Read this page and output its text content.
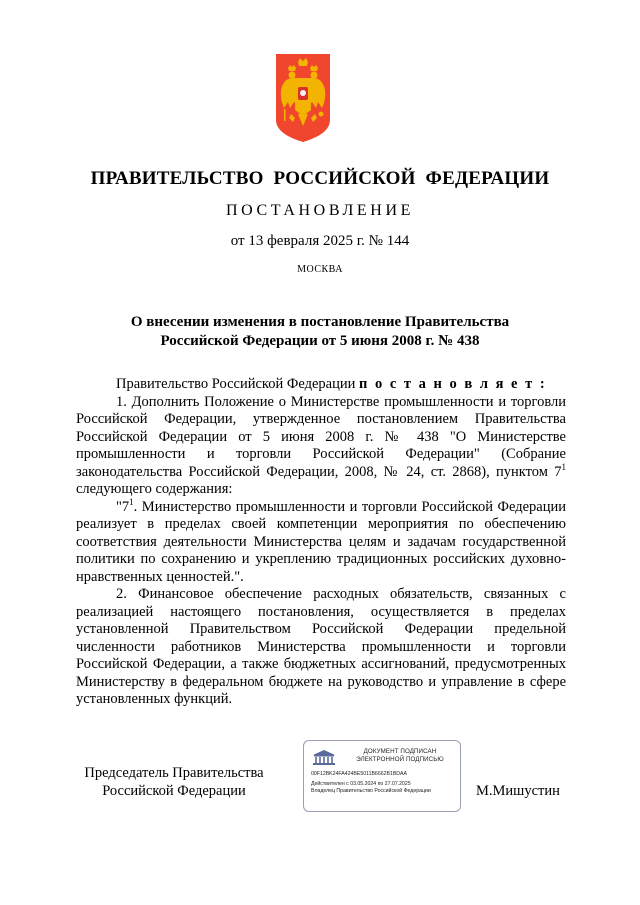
ПРАВИТЕЛЬСТВО РОССИЙСКОЙ ФЕДЕРАЦИИ
ПОСТАНОВЛЕНИЕ
от 13 февраля 2025 г. № 144
МОСКВА
О внесении изменения в постановление Правительства
Российской Федерации от 5 июня 2008 г. № 438

Правительство Российской Федерации п о с т а н о в л я е т :

1. Дополнить Положение о Министерстве промышленности и торговли Российской Федерации, утвержденное постановлением Правительства Российской Федерации от 5 июня 2008 г. № 438 "О Министерстве промышленности и торговли Российской Федерации" (Собрание законодательства Российской Федерации, 2008, № 24, ст. 2868), пунктом $7^1$ следующего содержания:

"$7^1$. Министерство промышленности и торговли Российской Федерации реализует в пределах своей компетенции мероприятия по обеспечению соответствия деятельности Министерства целям и задачам государственной политики по сохранению и укреплению традиционных российских духовно-нравственных ценностей.".

2. Финансовое обеспечение расходных обязательств, связанных с реализацией настоящего постановления, осуществляется в пределах установленной Правительством Российской Федерации предельной численности работников Министерства промышленности и торговли Российской Федерации, а также бюджетных ассигнований, предусмотренных Министерству в федеральном бюджете на руководство и управление в сфере установленных функций.

Председатель Правительства
Российской Федерации
ДОКУМЕНТ ПОДПИСАН
ЭЛЕКТРОННОЙ ПОДПИСЬЮ
00F12BK24FA424BE5011B6662B1BDAA
Действителен с 03.05.2024 по 27.07.2025
Владелец Правительство Российской Федерации	М.Мишустин
